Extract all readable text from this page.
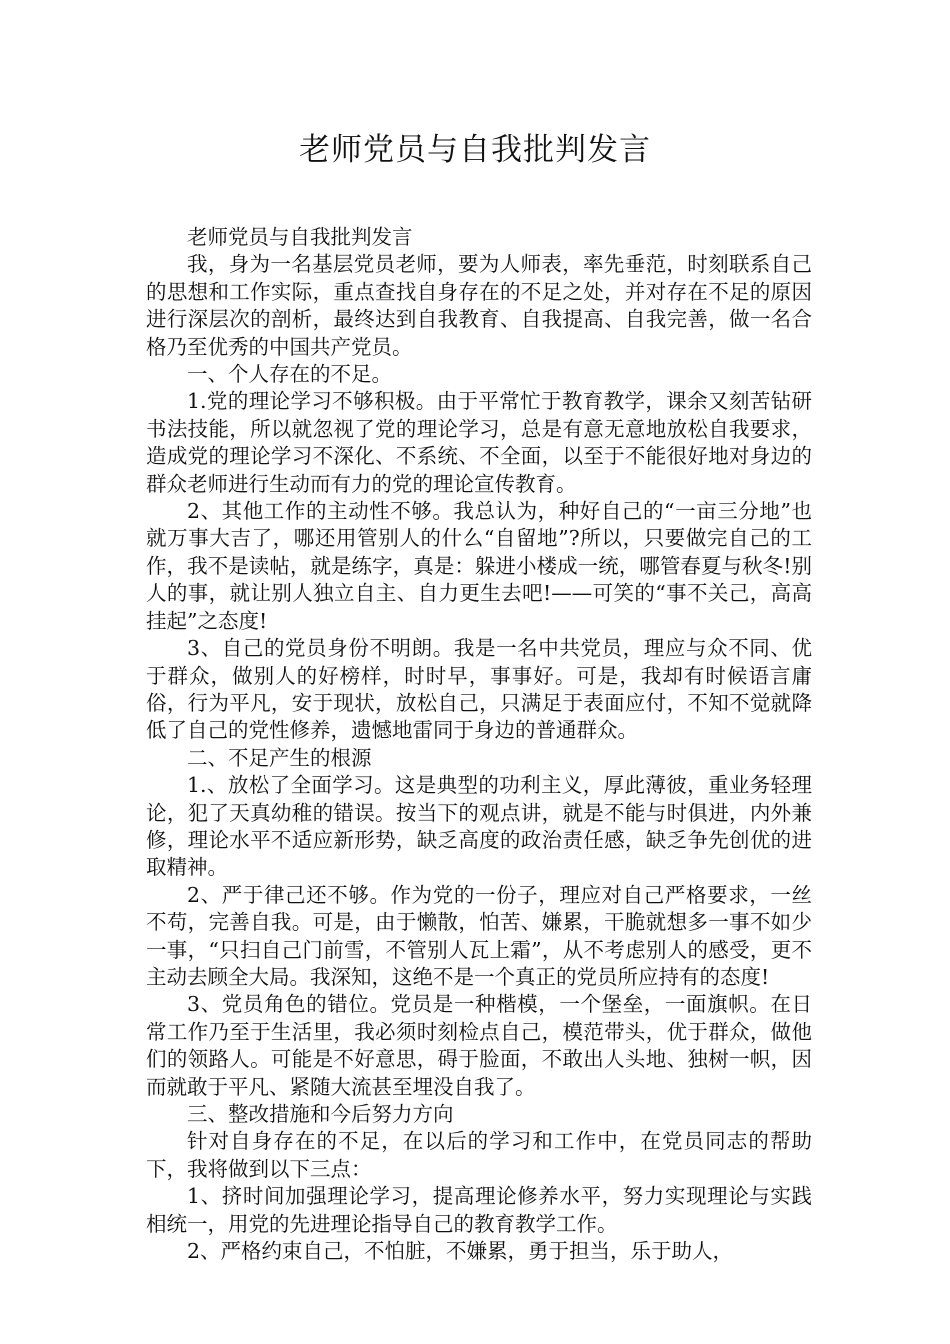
老师党员与自我批判发言

老师党员与自我批判发言

我，身为一名基层党员老师，要为人师表，率先垂范，时刻联系自己的思想和工作实际，重点查找自身存在的不足之处，并对存在不足的原因进行深层次的剖析，最终达到自我教育、自我提高、自我完善，做一名合格乃至优秀的中国共产党员。

一、个人存在的不足。

1.党的理论学习不够积极。由于平常忙于教育教学，课余又刻苦钻研书法技能，所以就忽视了党的理论学习，总是有意无意地放松自我要求，造成党的理论学习不深化、不系统、不全面，以至于不能很好地对身边的群众老师进行生动而有力的党的理论宣传教育。

2、其他工作的主动性不够。我总认为，种好自己的“一亩三分地”也就万事大吉了，哪还用管别人的什么“自留地”?所以，只要做完自己的工作，我不是读帖，就是练字，真是：躲进小楼成一统，哪管春夏与秋冬!别人的事，就让别人独立自主、自力更生去吧!——可笑的“事不关己，高高挂起”之态度!

3、自己的党员身份不明朗。我是一名中共党员，理应与众不同、优于群众，做别人的好榜样，时时早，事事好。可是，我却有时候语言庸俗，行为平凡，安于现状，放松自己，只满足于表面应付，不知不觉就降低了自己的党性修养，遗憾地雷同于身边的普通群众。

二、不足产生的根源

1.、放松了全面学习。这是典型的功利主义，厚此薄彼，重业务轻理论，犯了天真幼稚的错误。按当下的观点讲，就是不能与时俱进，内外兼修，理论水平不适应新形势，缺乏高度的政治责任感，缺乏争先创优的进取精神。

2、严于律己还不够。作为党的一份子，理应对自己严格要求，一丝不苟，完善自我。可是，由于懒散，怕苦、嫌累，干脆就想多一事不如少一事，“只扫自己门前雪，不管别人瓦上霜”，从不考虑别人的感受，更不主动去顾全大局。我深知，这绝不是一个真正的党员所应持有的态度!

3、党员角色的错位。党员是一种楷模，一个堡垒，一面旗帜。在日常工作乃至于生活里，我必须时刻检点自己，模范带头，优于群众，做他们的领路人。可能是不好意思，碍于脸面，不敢出人头地、独树一帜，因而就敢于平凡、紧随大流甚至埋没自我了。

三、整改措施和今后努力方向

针对自身存在的不足，在以后的学习和工作中，在党员同志的帮助下，我将做到以下三点：

1、挤时间加强理论学习，提高理论修养水平，努力实现理论与实践相统一，用党的先进理论指导自己的教育教学工作。

2、严格约束自己，不怕脏，不嫌累，勇于担当，乐于助人，
